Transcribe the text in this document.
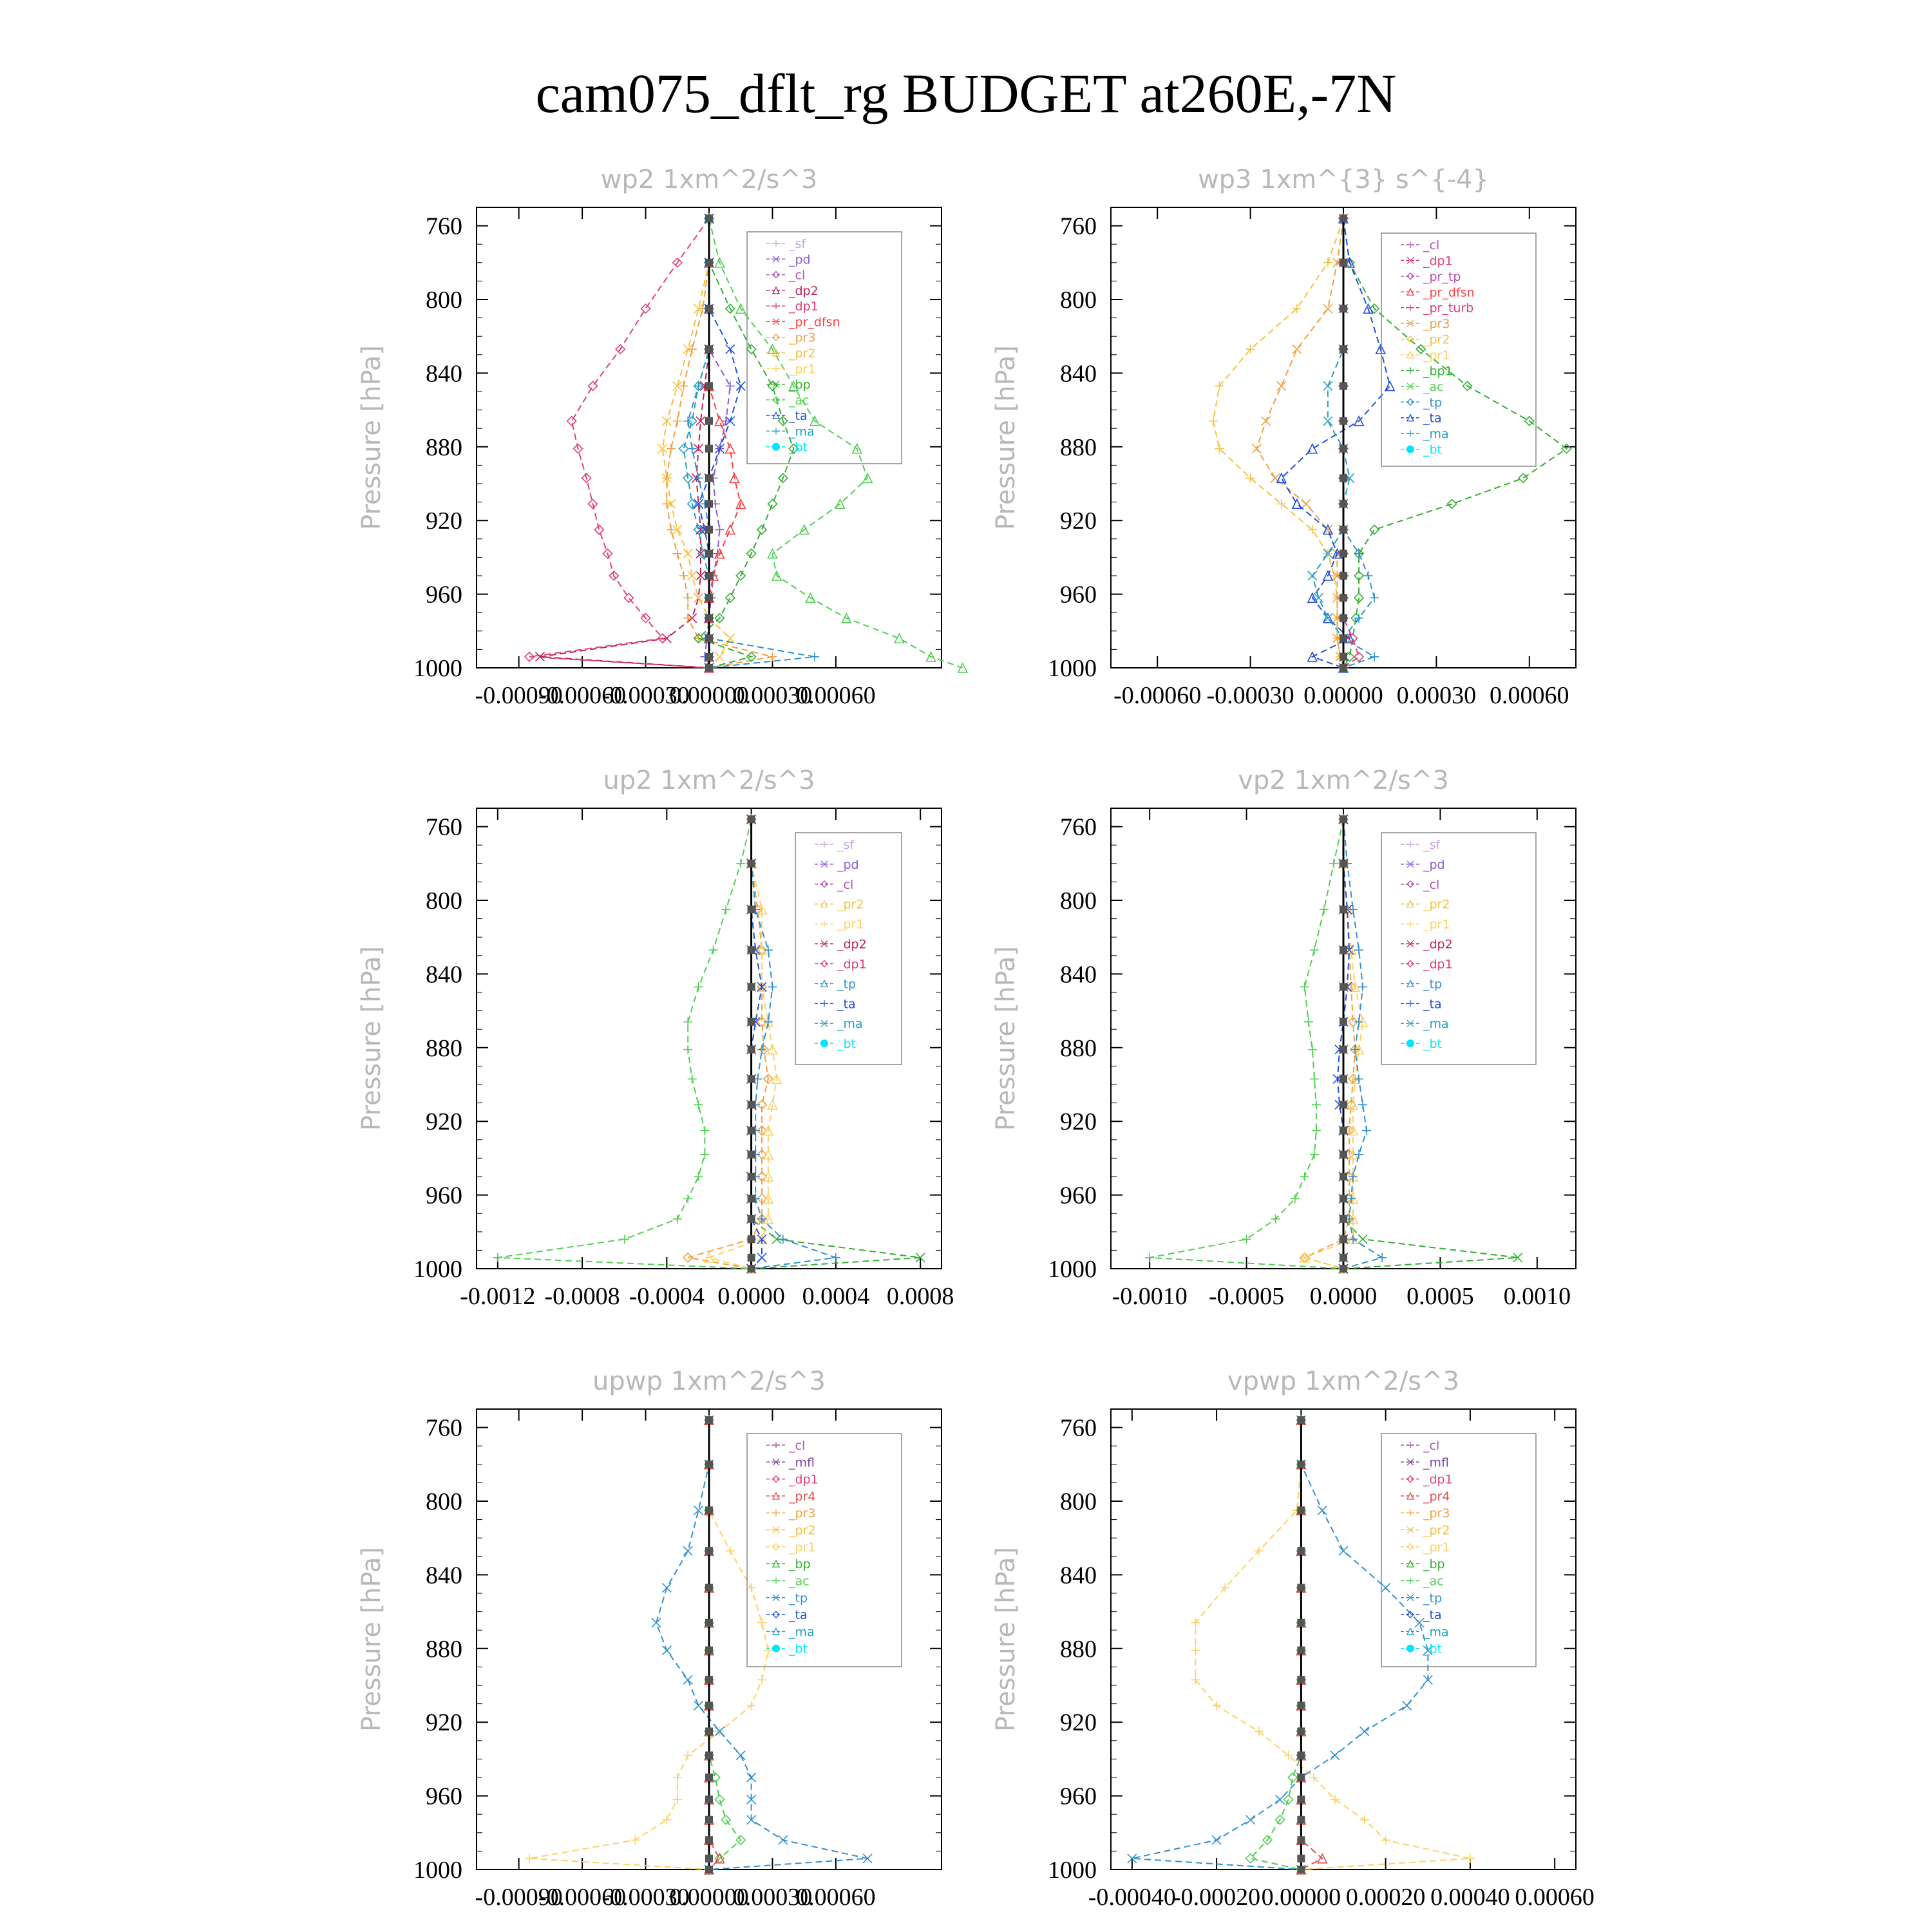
cam075_dflt_rg BUDGET at260E,-7N
wp2 1xm^2/s^3
Pressure [hPa]
760
800
840
880
920
960
1000
-0.00090
-0.00060
-0.00030
0.00000
0.00030
0.00060
_sf
_pd
_cl
_dp2
_dp1
_pr_dfsn
_pr3
_pr2
_pr1
_bp
_ac
_ta
_ma
_bt
wp3 1xm^{3} s^{-4}
Pressure [hPa]
760
800
840
880
920
960
1000
-0.00060 -0.00030 0.00000 0.00030 0.00060
_cl
_dp1
_pr_tp
_pr_dfsn
_pr_turb
_pr3
_pr2
_pr1
_bp1
_ac
_tp
_ta
_ma
_bt
up2 1xm^2/s^3
Pressure [hPa]
760
800
840
880
920
960
1000
-0.0012 -0.0008 -0.0004 0.0000 0.0004 0.0008
_sf
_pd
_cl
_pr2
_pr1
_dp2
_dp1
_tp
_ta
_ma
_bt
vp2 1xm^2/s^3
Pressure [hPa]
760
800
840
880
920
960
1000
-0.0010 -0.0005 0.0000 0.0005 0.0010
_sf
_pd
_cl
_pr2
_pr1
_dp2
_dp1
_tp
_ta
_ma
_bt
upwp 1xm^2/s^3
Pressure [hPa]
760
800
840
880
920
960
1000
-0.00090
-0.00060
-0.00030
0.00000
0.00030
0.00060
_cl
_mfl
_dp1
_pr4
_pr3
_pr2
_pr1
_bp
_ac
_tp
_ta
_ma
_bt
vpwp 1xm^2/s^3
Pressure [hPa]
760
800
840
880
920
960
1000
-0.00040
-0.00020 0.00000 0.00020 0.00040 0.00060
_cl
_mfl
_dp1
_pr4
_pr3
_pr2
_pr1
_bp
_ac
_tp
_ta
_ma
_bt
